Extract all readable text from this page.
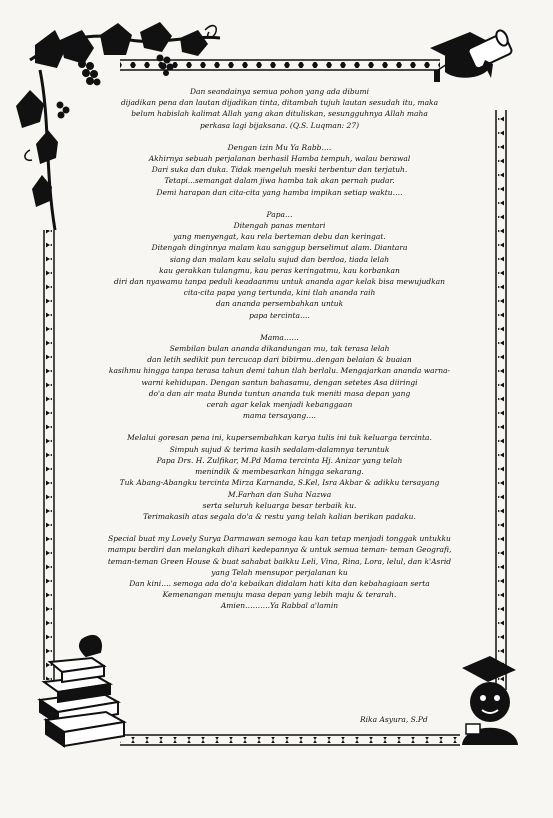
Dan seandainya semua pohon yang ada dibumi
dijadikan pena dan lautan dijadikan tinta, ditambah tujuh lautan sesudah itu, maka
belum habislah kalimat Allah yang akan dituliskan, sesungguhnya Allah maha
perkasa lagi bijaksana. (Q.S. Luqman: 27)
Dengan izin Mu Ya Rabb….
Akhirnya sebuah perjalanan berhasil Hamba tempuh, walau berawal
Dari suka dan duka. Tidak mengeluh meski terbentur dan terjatuh.
Tetapi...semangat dalam jiwa hamba tak akan pernah pudar.
Demi harapan dan cita-cita yang hamba impikan setiap waktu….
Papa…
Ditengah panas mentari
yang menyengat, kau rela berteman debu dan keringat.
Ditengah dinginnya malam kau sanggup berselimut alam. Diantara
siang dan malam kau selalu sujud dan berdoa, tiada lelah
kau gerakkan tulangmu, kau peras keringatmu, kau korbankan
diri dan nyawamu tanpa peduli keadaanmu untuk ananda agar kelak bisa mewujudkan
cita-cita papa yang tertunda, kini tlah ananda raih
dan ananda persembahkan untuk
papa tercinta….
Mama……
Sembilan bulan ananda dikandungan mu, tak terasa lelah
dan letih sedikit pun tercucap dari bibirmu..dengan belaian & buaian
kasihmu hingga tanpa terasa tahun demi tahun tlah berlalu. Mengajarkan ananda warna-
warni kehidupan. Dengan santun bahasamu, dengan setetes Asa diiringi
do'a dan air mata Bunda tuntun ananda tuk meniti masa depan yang
cerah agar kelak menjadi kebanggaan
mama tersayang….
Melalui goresan pena ini, kupersembahkan karya tulis ini tuk keluarga tercinta.
Simpuh sujud & terima kasih sedalam-dalamnya teruntuk
Papa Drs. H. Zulfikar, M.Pd Mama tercinta Hj. Anizar yang telah
menindik & membesarkan hingga sekarang.
Tuk Abang-Abangku tercinta Mirza Karnanda, S.Kel, Isra Akbar & adikku tersayang
M.Farhan dan Suha Nazwa
serta seluruh keluarga besar terbaik ku.
Terimakasih atas segala do'a & restu yang telah kalian berikan padaku.
Special buat my Lovely Surya Darmawan semoga kau kan tetap menjadi tonggak untukku
mampu berdiri dan melangkah dihari kedepannya & untuk semua teman- teman Geografi,
teman-teman Green House & buat sahabat baikku Leli, Vina, Rina, Lora, lelul, dan k'Asrid
yang Telah mensupor perjalanan ku
Dan kini…. semoga ada do'a kebaikan didalam hati kita dan kebahagiaan serta
Kemenangan menuju masa depan yang lebih maju & terarah.
Amien……….Ya Rabbal a'lamin
Rika Asyura, S.Pd
